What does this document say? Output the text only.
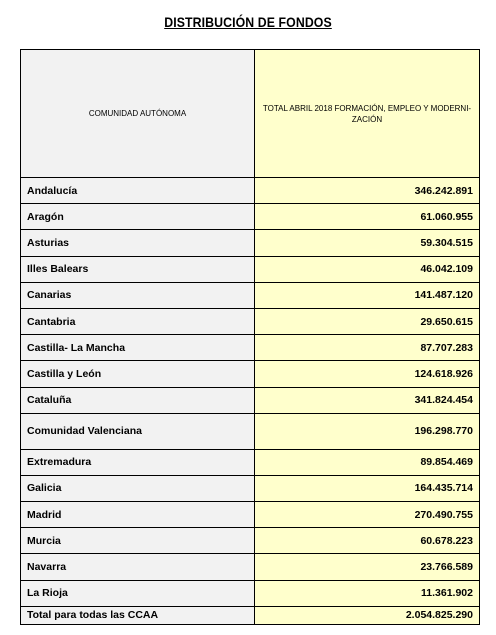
DISTRIBUCIÓN DE FONDOS
COMUNIDAD AUTÓNOMA	TOTAL ABRIL 2018 FORMACIÓN, EMPLEO Y MODERNI-ZACIÓN
Andalucía	346.242.891
Aragón	61.060.955
Asturias	59.304.515
Illes Balears	46.042.109
Canarias	141.487.120
Cantabria	29.650.615
Castilla- La Mancha	87.707.283
Castilla y León	124.618.926
Cataluña	341.824.454
Comunidad Valenciana	196.298.770
Extremadura	89.854.469
Galicia	164.435.714
Madrid	270.490.755
Murcia	60.678.223
Navarra	23.766.589
La Rioja	11.361.902
Total para todas las CCAA	2.054.825.290
